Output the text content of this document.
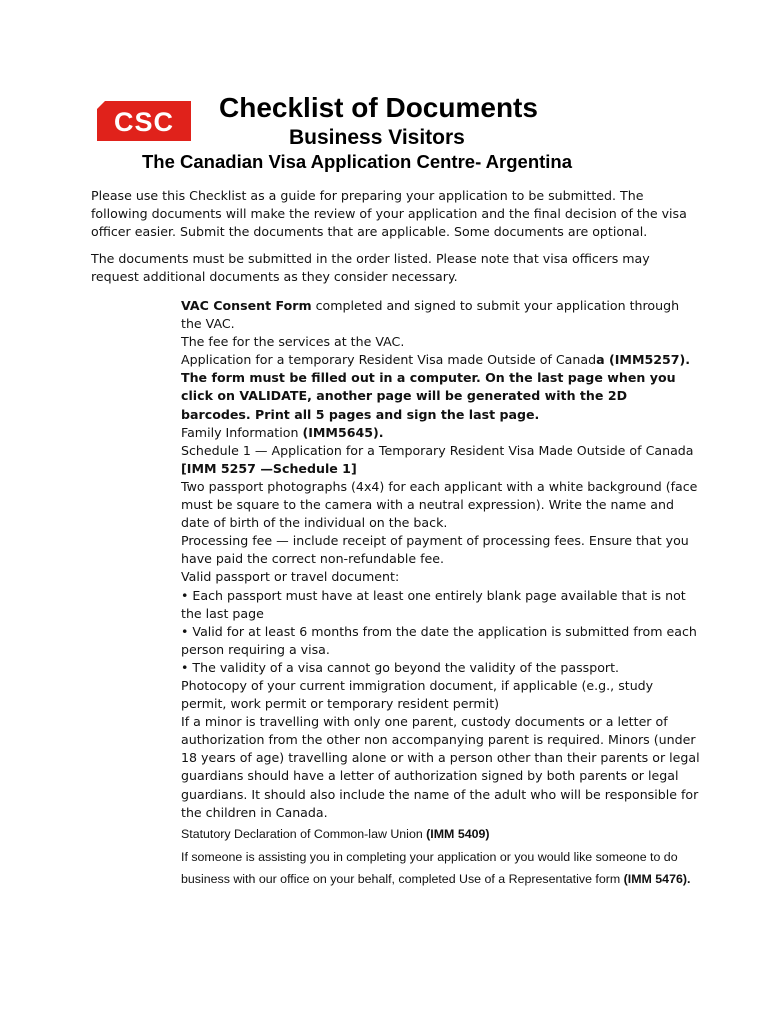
CSC Checklist of Documents
Business Visitors
The Canadian Visa Application Centre- Argentina

Please use this Checklist as a guide for preparing your application to be submitted. The following documents will make the review of your application and the final decision of the visa officer easier. Submit the documents that are applicable. Some documents are optional.

The documents must be submitted in the order listed. Please note that visa officers may request additional documents as they consider necessary.

VAC Consent Form completed and signed to submit your application through the VAC.

The fee for the services at the VAC.

Application for a temporary Resident Visa made Outside of Canada (IMM5257). The form must be filled out in a computer. On the last page when you click on VALIDATE, another page will be generated with the 2D barcodes. Print all 5 pages and sign the last page.

Family Information (IMM5645).

Schedule 1 — Application for a Temporary Resident Visa Made Outside of Canada [IMM 5257 —Schedule 1]

Two passport photographs (4x4) for each applicant with a white background (face must be square to the camera with a neutral expression). Write the name and date of birth of the individual on the back.

Processing fee — include receipt of payment of processing fees. Ensure that you have paid the correct non-refundable fee.

Valid passport or travel document:

• Each passport must have at least one entirely blank page available that is not the last page

• Valid for at least 6 months from the date the application is submitted from each person requiring a visa.

• The validity of a visa cannot go beyond the validity of the passport.

Photocopy of your current immigration document, if applicable (e.g., study permit, work permit or temporary resident permit)

If a minor is travelling with only one parent, custody documents or a letter of authorization from the other non accompanying parent is required. Minors (under 18 years of age) travelling alone or with a person other than their parents or legal guardians should have a letter of authorization signed by both parents or legal guardians. It should also include the name of the adult who will be responsible for the children in Canada.

Statutory Declaration of Common-law Union (IMM 5409)

If someone is assisting you in completing your application or you would like someone to do business with our office on your behalf, completed Use of a Representative form (IMM 5476).
